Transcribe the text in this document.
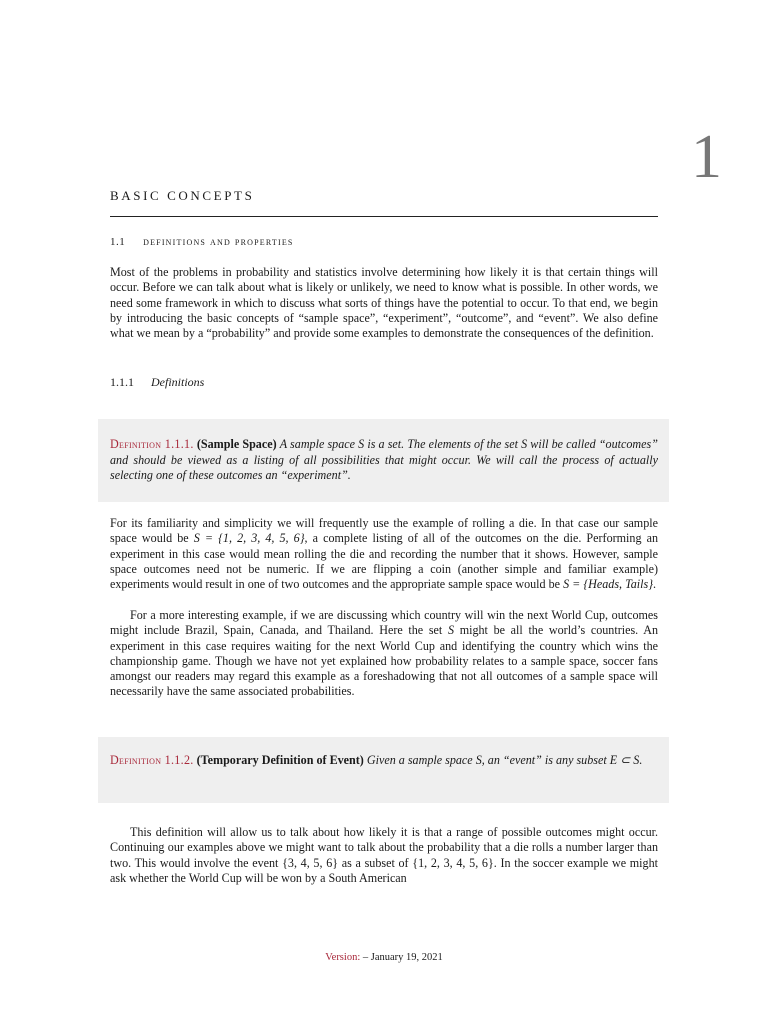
1
BASIC CONCEPTS
1.1 definitions and properties

Most of the problems in probability and statistics involve determining how likely it is that certain things will occur. Before we can talk about what is likely or unlikely, we need to know what is possible. In other words, we need some framework in which to discuss what sorts of things have the potential to occur. To that end, we begin by introducing the basic concepts of “sample space”, “experiment”, “outcome”, and “event”. We also define what we mean by a “probability” and provide some examples to demonstrate the consequences of the definition.

1.1.1 Definitions

Definition 1.1.1. (Sample Space) A sample space S is a set. The elements of the set S will be called “outcomes” and should be viewed as a listing of all possibilities that might occur. We will call the process of actually selecting one of these outcomes an “experiment”.

For its familiarity and simplicity we will frequently use the example of rolling a die. In that case our sample space would be S = {1, 2, 3, 4, 5, 6}, a complete listing of all of the outcomes on the die. Performing an experiment in this case would mean rolling the die and recording the number that it shows. However, sample space outcomes need not be numeric. If we are flipping a coin (another simple and familiar example) experiments would result in one of two outcomes and the appropriate sample space would be S = {Heads, Tails}.

For a more interesting example, if we are discussing which country will win the next World Cup, outcomes might include Brazil, Spain, Canada, and Thailand. Here the set S might be all the world’s countries. An experiment in this case requires waiting for the next World Cup and identifying the country which wins the championship game. Though we have not yet explained how probability relates to a sample space, soccer fans amongst our readers may regard this example as a foreshadowing that not all outcomes of a sample space will necessarily have the same associated probabilities.

Definition 1.1.2. (Temporary Definition of Event) Given a sample space S, an “event” is any subset E ⊂ S.

This definition will allow us to talk about how likely it is that a range of possible outcomes might occur. Continuing our examples above we might want to talk about the probability that a die rolls a number larger than two. This would involve the event {3, 4, 5, 6} as a subset of {1, 2, 3, 4, 5, 6}. In the soccer example we might ask whether the World Cup will be won by a South American

Version: – January 19, 2021
